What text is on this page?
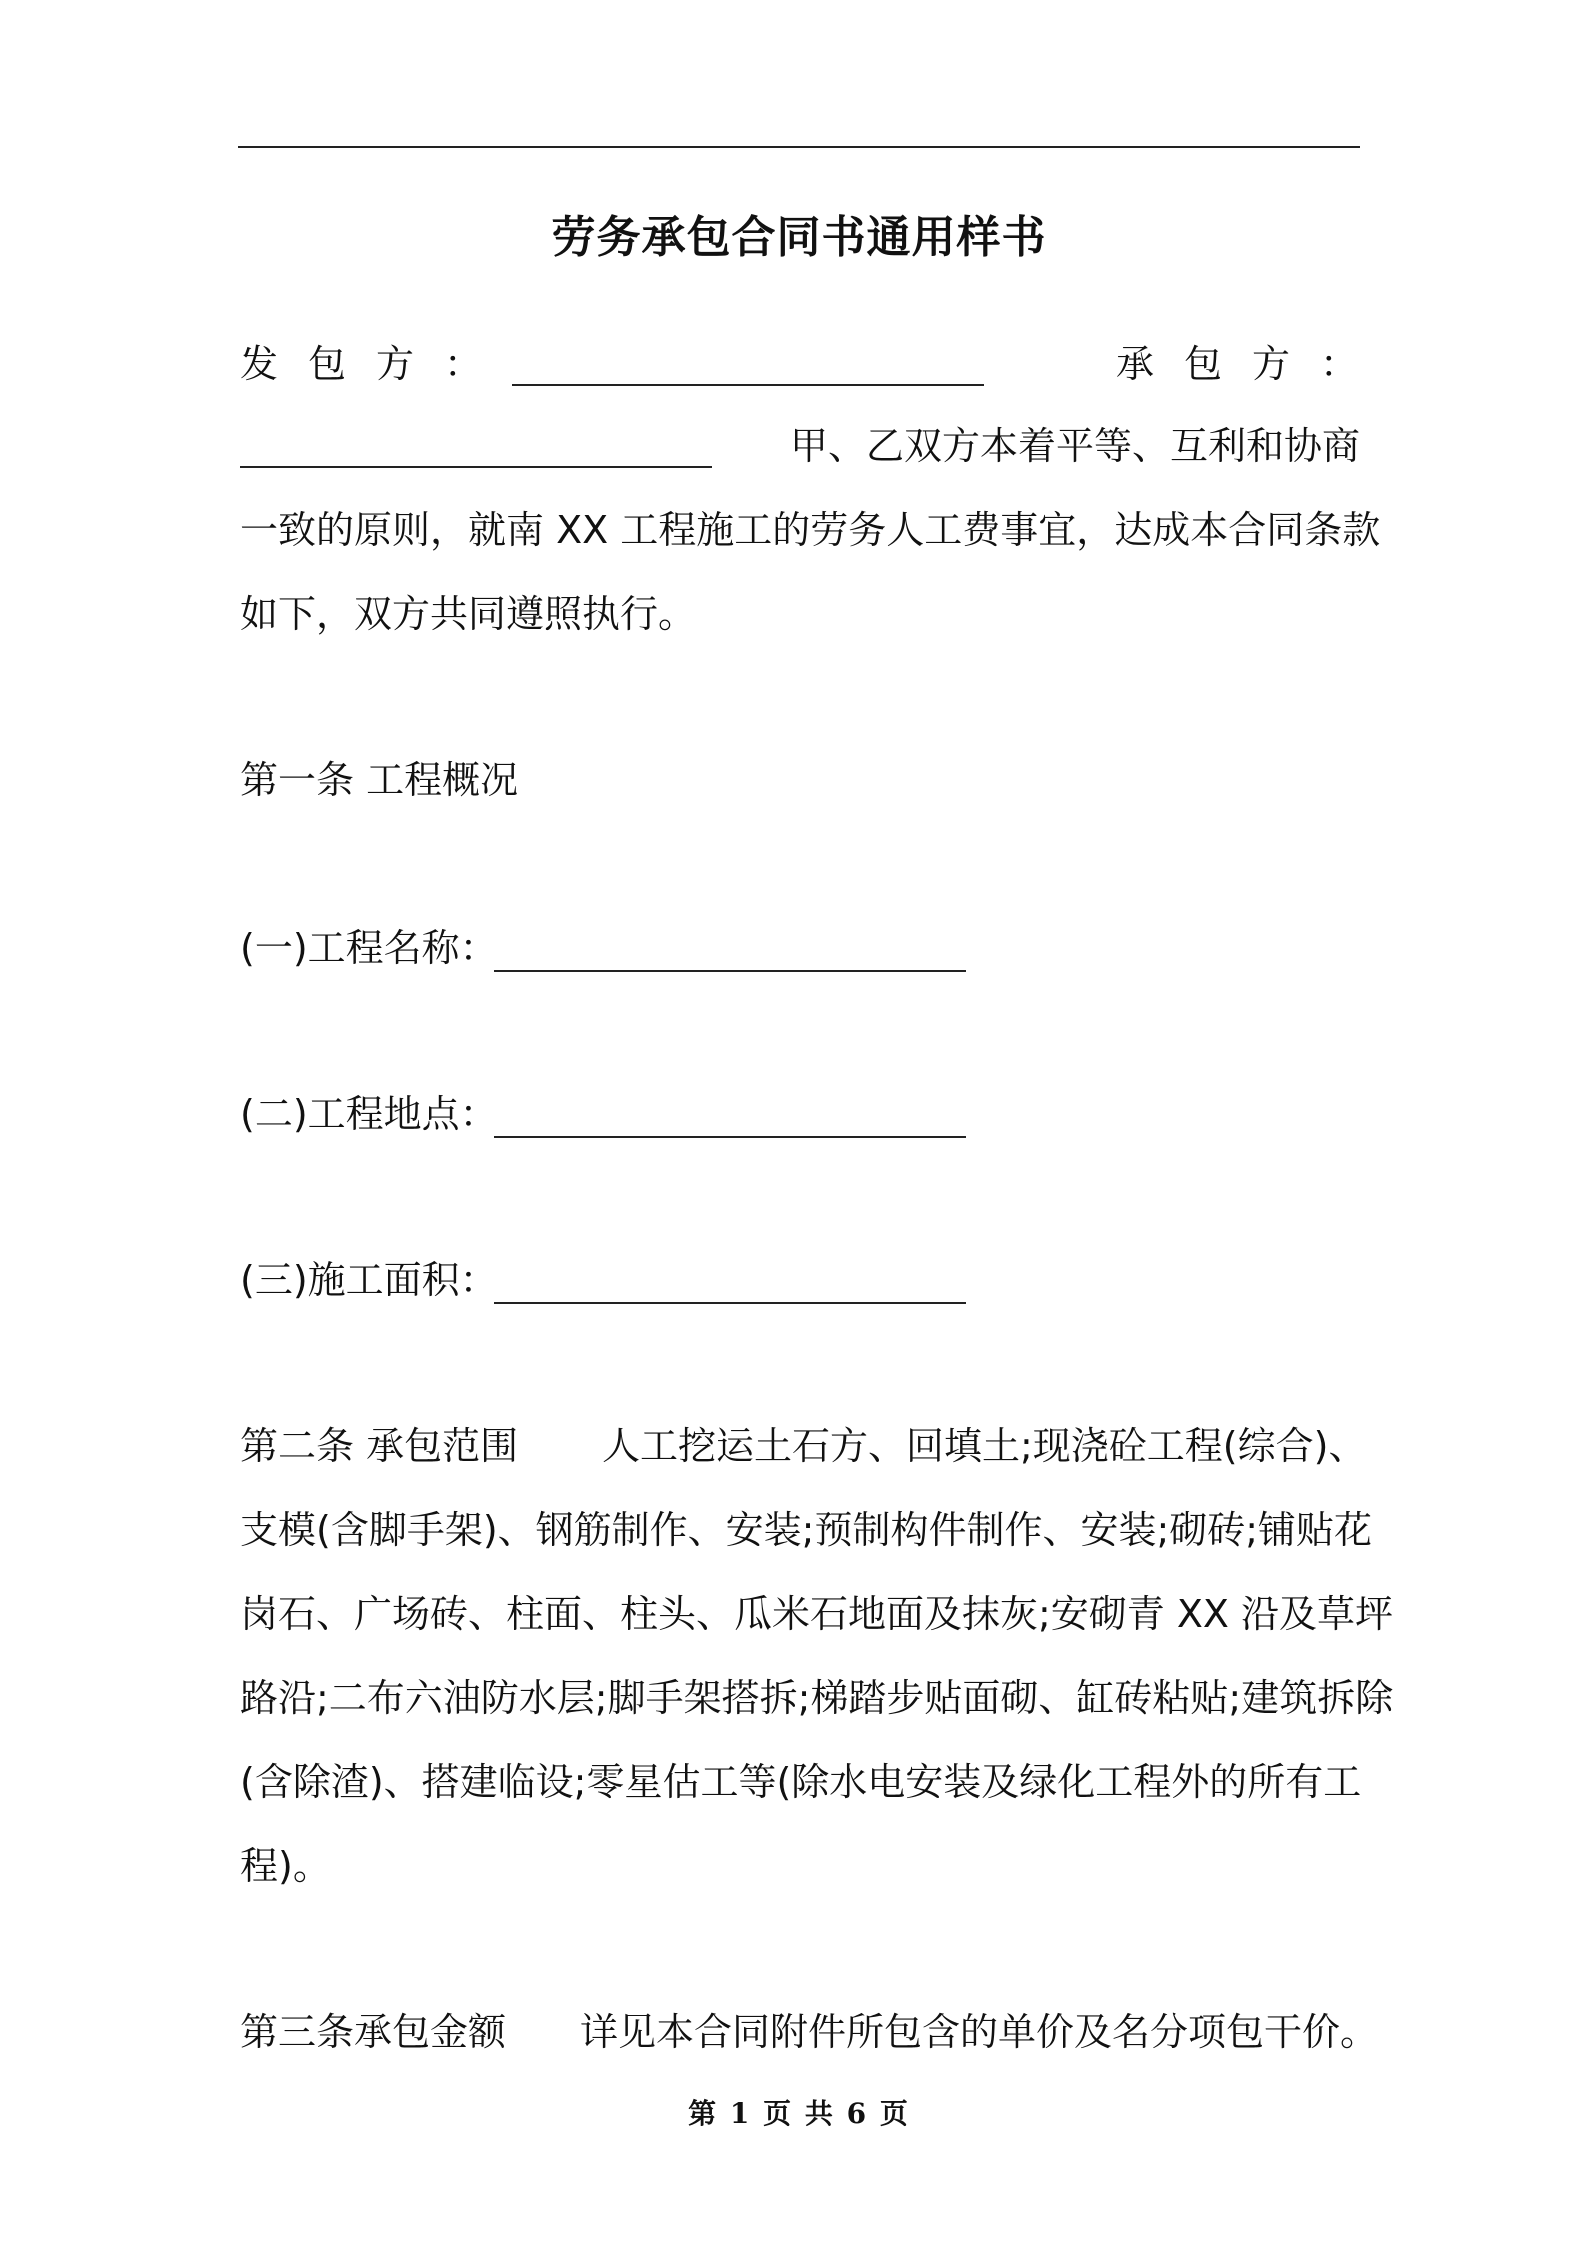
劳务承包合同书通用样书
发包方：	承包方：
甲、乙双方本着平等、互利和协商
一致的原则，就南 XX 工程施工的劳务人工费事宜，达成本合同条款
如下，双方共同遵照执行。
第一条 工程概况
(一)工程名称：
(二)工程地点：
(三)施工面积：
第二条 承包范围 人工挖运土石方、回填土;现浇砼工程(综合)、
支模(含脚手架)、钢筋制作、安装;预制构件制作、安装;砌砖;铺贴花
岗石、广场砖、柱面、柱头、瓜米石地面及抹灰;安砌青 XX 沿及草坪
路沿;二布六油防水层;脚手架搭拆;梯踏步贴面砌、缸砖粘贴;建筑拆除
(含除渣)、搭建临设;零星估工等(除水电安装及绿化工程外的所有工
程)。
第三条承包金额 详见本合同附件所包含的单价及名分项包干价。
第 1 页 共 6 页
